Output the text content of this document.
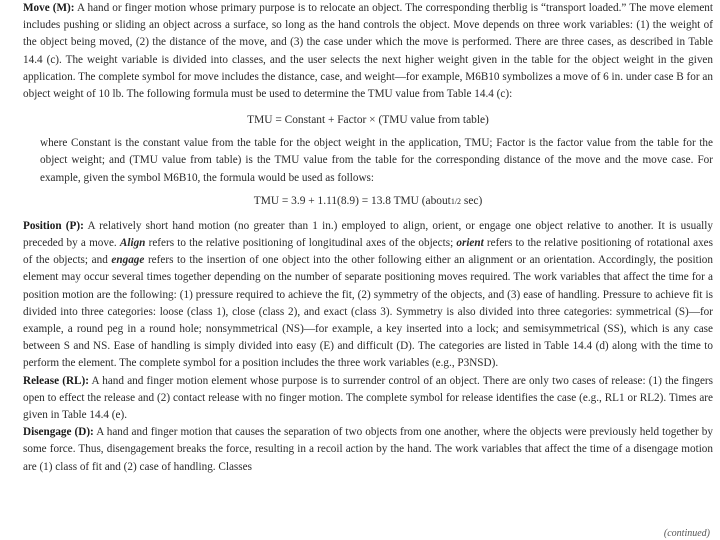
Move (M): A hand or finger motion whose primary purpose is to relocate an object. The corresponding therblig is “transport loaded.” The move element includes pushing or sliding an object across a surface, so long as the hand controls the object. Move depends on three work variables: (1) the weight of the object being moved, (2) the distance of the move, and (3) the case under which the move is performed. There are three cases, as described in Table 14.4 (c). The weight variable is divided into classes, and the user selects the next higher weight given in the table for the object weight in the given application. The complete symbol for move includes the distance, case, and weight—for example, M6B10 symbolizes a move of 6 in. under case B for an object weight of 10 lb. The following formula must be used to determine the TMU value from Table 14.4 (c):

TMU = Constant + Factor × (TMU value from table)

where Constant is the constant value from the table for the object weight in the application, TMU; Factor is the factor value from the table for the object weight; and (TMU value from table) is the TMU value from the table for the corresponding distance of the move and the move case. For example, given the symbol M6B10, the formula would be used as follows:

TMU = 3.9 + 1.11(8.9) = 13.8 TMU (about1/2 sec)

Position (P): A relatively short hand motion (no greater than 1 in.) employed to align, orient, or engage one object relative to another. It is usually preceded by a move. Align refers to the relative positioning of longitudinal axes of the objects; orient refers to the relative positioning of rotational axes of the objects; and engage refers to the insertion of one object into the other following either an alignment or an orientation. Accordingly, the position element may occur several times together depending on the number of separate positioning moves required. The work variables that affect the time for a position motion are the following: (1) pressure required to achieve the fit, (2) symmetry of the objects, and (3) ease of handling. Pressure to achieve fit is divided into three categories: loose (class 1), close (class 2), and exact (class 3). Symmetry is also divided into three categories: symmetrical (S)—for example, a round peg in a round hole; nonsymmetrical (NS)—for example, a key inserted into a lock; and semisymmetrical (SS), which is any case between S and NS. Ease of handling is simply divided into easy (E) and difficult (D). The categories are listed in Table 14.4 (d) along with the time to perform the element. The complete symbol for a position includes the three work variables (e.g., P3NSD).

Release (RL): A hand and finger motion element whose purpose is to surrender control of an object. There are only two cases of release: (1) the fingers open to effect the release and (2) contact release with no finger motion. The complete symbol for release identifies the case (e.g., RL1 or RL2). Times are given in Table 14.4 (e).

Disengage (D): A hand and finger motion that causes the separation of two objects from one another, where the objects were previously held together by some force. Thus, disengagement breaks the force, resulting in a recoil action by the hand. The work variables that affect the time of a disengage motion are (1) class of fit and (2) case of handling. Classes

(continued)
